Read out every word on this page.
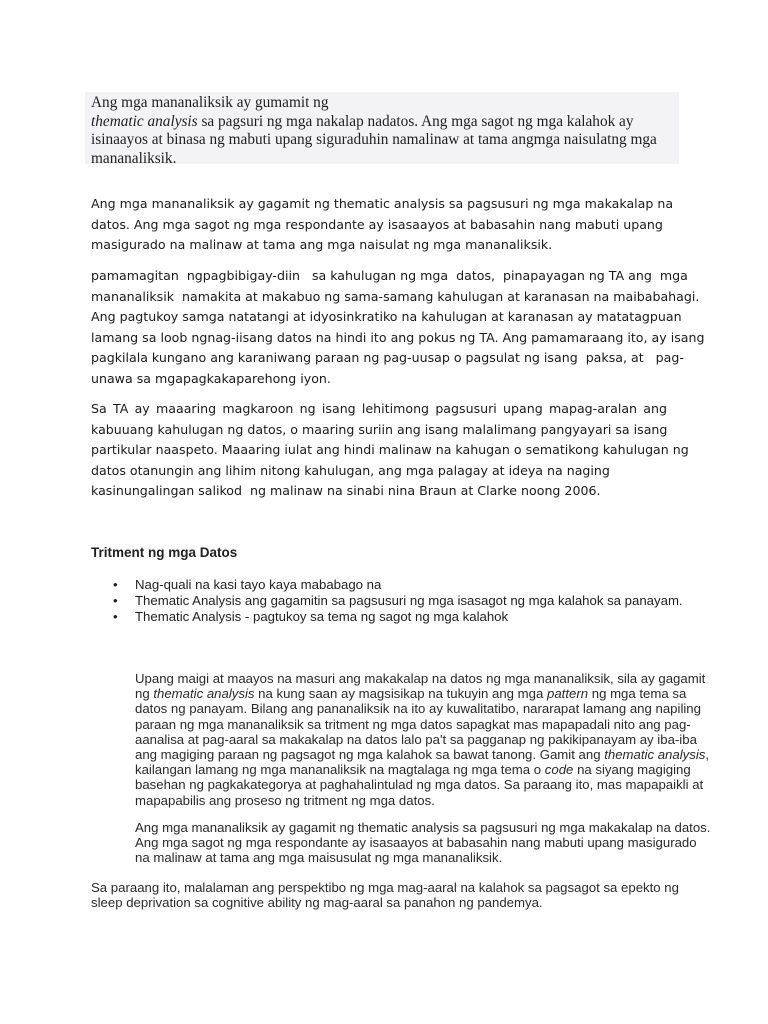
Ang mga mananaliksik ay gumamit ng

thematic analysis sa pagsuri ng mga nakalap nadatos. Ang mga sagot ng mga kalahok ay

isinaayos at binasa ng mabuti upang siguraduhin namalinaw at tama angmga naisulatng mga

mananaliksik.

Ang mga mananaliksik ay gagamit ng thematic analysis sa pagsusuri ng mga makakalap na
datos. Ang mga sagot ng mga respondante ay isasaayos at babasahin nang mabuti upang
masigurado na malinaw at tama ang mga naisulat ng mga mananaliksik.
pamamagitan  ngpagbibigay-diin   sa kahulugan ng mga  datos,  pinapayagan ng TA ang  mga
mananaliksik  namakita at makabuo ng sama-samang kahulugan at karanasan na maibabahagi.
Ang pagtukoy samga natatangi at idyosinkratiko na kahulugan at karanasan ay matatagpuan
lamang sa loob ngnag-iisang datos na hindi ito ang pokus ng TA. Ang pamamaraang ito, ay isang
pagkilala kungano ang karaniwang paraan ng pag-uusap o pagsulat ng isang  paksa, at   pag-
unawa sa mgapagkakaparehong iyon.
Sa TA ay maaaring magkaroon ng isang lehitimong pagsusuri upang mapag-aralan ang
kabuuang kahulugan ng datos, o maaring suriin ang isang malalimang pangyayari sa isang
partikular naaspeto. Maaaring iulat ang hindi malinaw na kahugan o sematikong kahulugan ng
datos otanungin ang lihim nitong kahulugan, ang mga palagay at ideya na naging
kasinungalingan salikod  ng malinaw na sinabi nina Braun at Clarke noong 2006.
Tritment ng mga Datos
•	Nag-quali na kasi tayo kaya mababago na
•	Thematic Analysis ang gagamitin sa pagsusuri ng mga isasagot ng mga kalahok sa panayam.
•	Thematic Analysis - pagtukoy sa tema ng sagot ng mga kalahok
Upang maigi at maayos na masuri ang makakalap na datos ng mga mananaliksik, sila ay gagamit
ng thematic analysis na kung saan ay magsisikap na tukuyin ang mga pattern ng mga tema sa
datos ng panayam. Bilang ang pananaliksik na ito ay kuwalitatibo, nararapat lamang ang napiling
paraan ng mga mananaliksik sa tritment ng mga datos sapagkat mas mapapadali nito ang pag-
aanalisa at pag-aaral sa makakalap na datos lalo pa't sa pagganap ng pakikipanayam ay iba-iba
ang magiging paraan ng pagsagot ng mga kalahok sa bawat tanong. Gamit ang thematic analysis,
kailangan lamang ng mga mananaliksik na magtalaga ng mga tema o code na siyang magiging
basehan ng pagkakategorya at paghahalintulad ng mga datos. Sa paraang ito, mas mapapaikli at
mapapabilis ang proseso ng tritment ng mga datos.
Ang mga mananaliksik ay gagamit ng thematic analysis sa pagsusuri ng mga makakalap na datos.
Ang mga sagot ng mga respondante ay isasaayos at babasahin nang mabuti upang masigurado
na malinaw at tama ang mga maisusulat ng mga mananaliksik.
Sa paraang ito, malalaman ang perspektibo ng mga mag-aaral na kalahok sa pagsagot sa epekto ng
sleep deprivation sa cognitive ability ng mag-aaral sa panahon ng pandemya.
